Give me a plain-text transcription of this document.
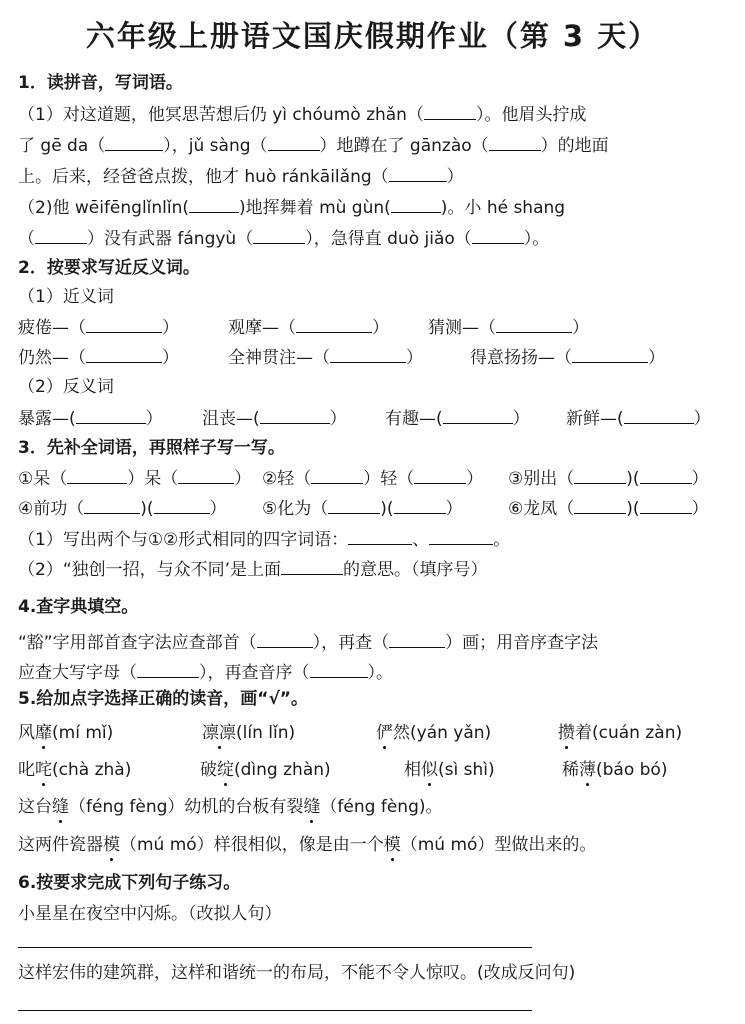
六年级上册语文国庆假期作业（第 3 天）
1．读拼音，写词语。
（1）对这道题，他冥思苦想后仍 yì chóumò zhǎn（	）。他眉头拧成
了 gē da（	），jǔ sàng（	）地蹲在了 gānzào（	）的地面
上。后来，经爸爸点拨，他才 huò ránkāilǎng（	）
（2)他 wēifēnglǐnlǐn(	)地挥舞着 mù gùn(	)。小 hé shang
（	）没有武器 fángyù（	），急得直 duò jiǎo（	）。
2．按要求写近反义词。
（1）近义词
疲倦—（	）	观摩—（	） 猜测—（	）
仍然—（	）	全神贯注—（	）	得意扬扬—（	）
（2）反义词
暴露—(	） 沮丧—(	） 有趣—(	） 新鲜—(	）
3．先补全词语，再照样子写一写。
①呆（	）呆（	） ②轻（	）轻（	） ③别出（	)(	）
④前功（	)(	） ⑤化为（	)(	）	⑥龙凤（	)(	）
（1）写出两个与①②形式相同的四字词语：	、	。
（2）“独创一招，与众不同’是上面	的意思。（填序号）
4.查字典填空。
“豁”字用部首查字法应查部首（	），再查（	）画；用音序查字法
应查大写字母（	），再查音序（	）。
5.给加点字选择正确的读音，画“√”。
风靡(mí mǐ)	凛凛(lín lǐn)	俨然(yán yǎn)	攒着(cuán zàn)
叱咤(chà zhà)	破绽(dìng zhàn)	相似(sì shì)	稀薄(báo bó)
这台缝（féng fèng）幼机的台板有裂缝（féng fèng)。
这两件瓷器模（mú mó）样很相似，像是由一个模（mú mó）型做出来的。
6.按要求完成下列句子练习。
小星星在夜空中闪烁。（改拟人句）
这样宏伟的建筑群，这样和谐统一的布局，不能不令人惊叹。(改成反问句)
